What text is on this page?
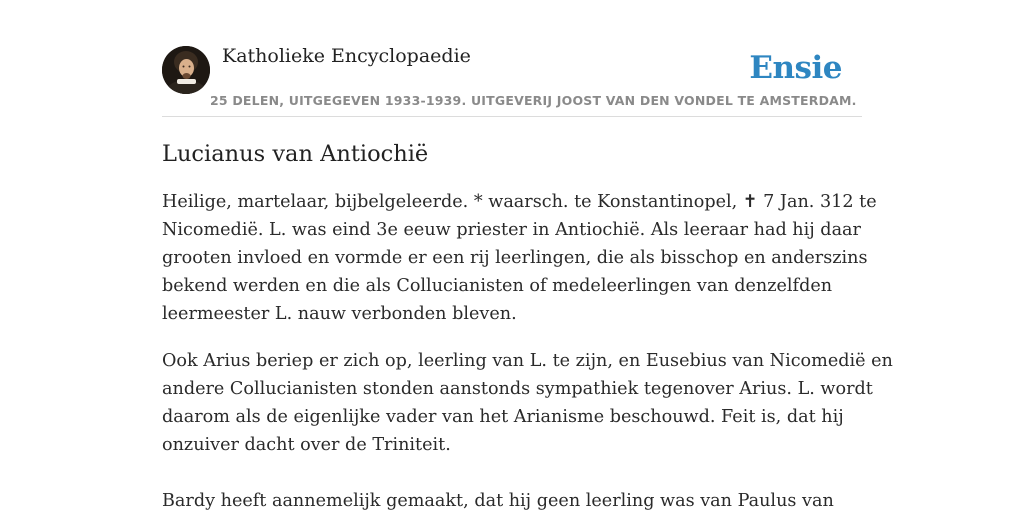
Katholieke Encyclopaedie
25 DELEN, UITGEGEVEN 1933-1939. UITGEVERIJ JOOST VAN DEN VONDEL TE AMSTERDAM.
Ensie
Lucianus van Antiochië

Heilige, martelaar, bijbelgeleerde. * waarsch. te Konstantinopel, ✝ 7 Jan. 312 te
Nicomedië. L. was eind 3e eeuw priester in Antiochië. Als leeraar had hij daar
grooten invloed en vormde er een rij leerlingen, die als bisschop en anderszins
bekend werden en die als Collucianisten of medeleerlingen van denzelfden
leermeester L. nauw verbonden bleven.

Ook Arius beriep er zich op, leerling van L. te zijn, en Eusebius van Nicomedië en
andere Collucianisten stonden aanstonds sympathiek tegenover Arius. L. wordt
daarom als de eigenlijke vader van het Arianisme beschouwd. Feit is, dat hij
onzuiver dacht over de Triniteit.

Bardy heeft aannemelijk gemaakt, dat hij geen leerling was van Paulus van
